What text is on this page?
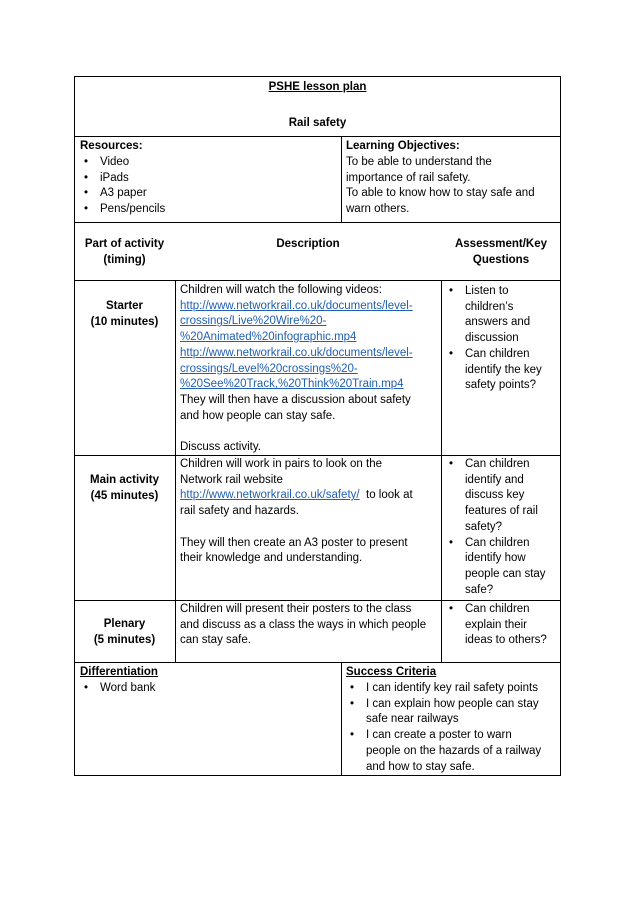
PSHE lesson plan
Rail safety
Resources:
• Video
• iPads
• A3 paper
• Pens/pencils
Learning Objectives:
To be able to understand the
importance of rail safety.
To able to know how to stay safe and
warn others.
Part of activity
(timing)
Description	Assessment/Key
Questions
Starter
(10 minutes)
Children will watch the following videos:
http://www.networkrail.co.uk/documents/level-
crossings/Live%20Wire%20-
%20Animated%20infographic.mp4
http://www.networkrail.co.uk/documents/level-
crossings/Level%20crossings%20-
%20See%20Track,%20Think%20Train.mp4
They will then have a discussion about safety
and how people can stay safe.
Discuss activity.
• Listen to
children’s
answers and
discussion
• Can children
identify the key
safety points?
Main activity
(45 minutes)
Children will work in pairs to look on the
Network rail website
http://www.networkrail.co.uk/safety/  to look at
rail safety and hazards.
They will then create an A3 poster to present
their knowledge and understanding.
• Can children
identify and
discuss key
features of rail
safety?
• Can children
identify how
people can stay
safe?
Plenary
(5 minutes)
Children will present their posters to the class
and discuss as a class the ways in which people
can stay safe.
• Can children
explain their
ideas to others?
Differentiation
• Word bank
Success Criteria
• I can identify key rail safety points
• I can explain how people can stay
safe near railways
• I can create a poster to warn
people on the hazards of a railway
and how to stay safe.
